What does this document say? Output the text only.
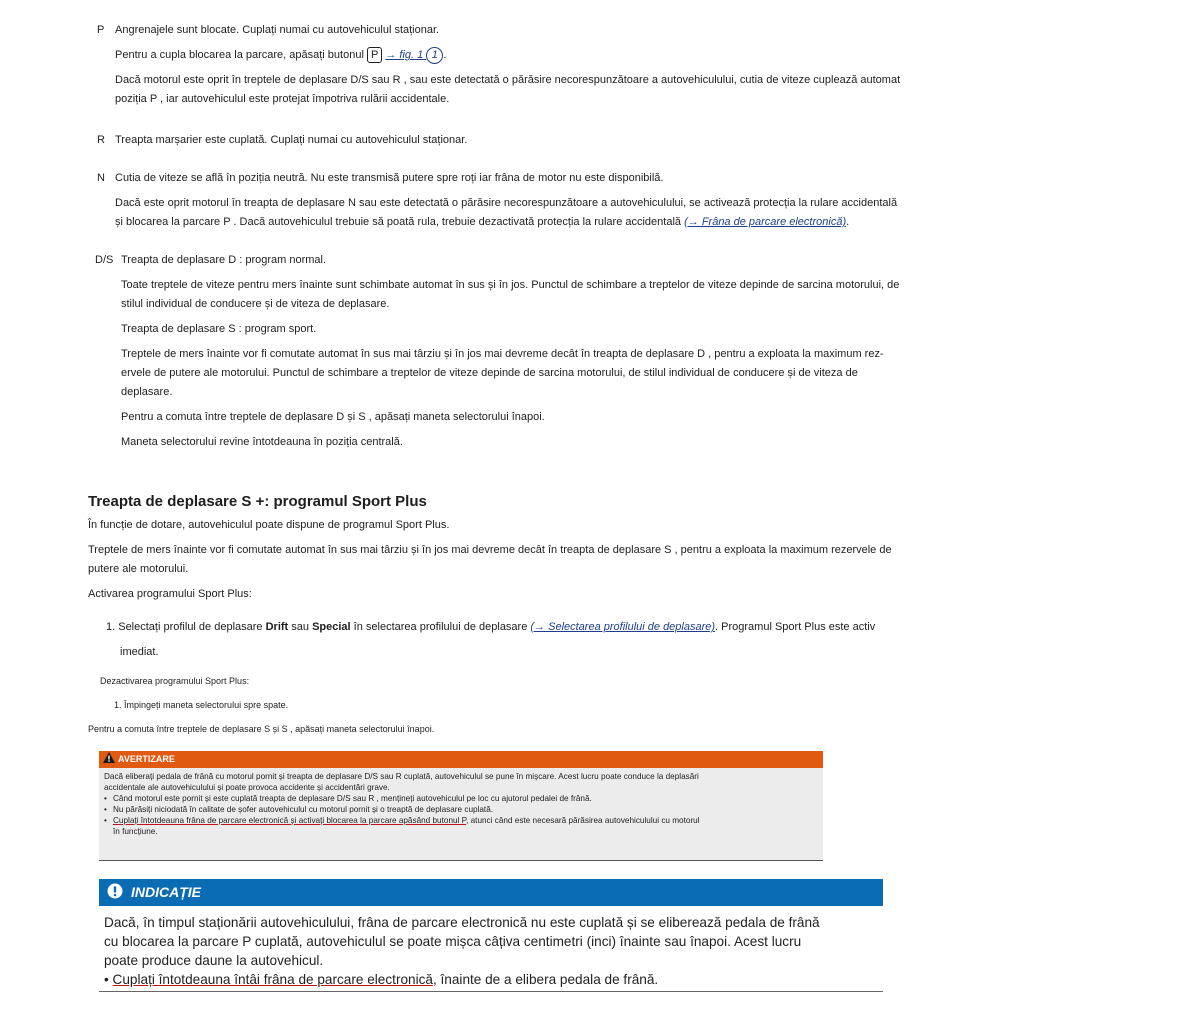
P Angrenajele sunt blocate. Cuplați numai cu autovehiculul staționar.

Pentru a cupla blocarea la parcare, apăsați butonul P → fig. 1 1 .

Dacă motorul este oprit în treptele de deplasare D/S sau R , sau este detectată o părăsire necorespunzătoare a autovehiculului, cutia de viteze cuplează automat

poziția P , iar autovehiculul este protejat împotriva rulării accidentale.

R Treapta marșarier este cuplată. Cuplați numai cu autovehiculul staționar.

N Cutia de viteze se află în poziția neutră. Nu este transmisă putere spre roți iar frâna de motor nu este disponibilă.

Dacă este oprit motorul în treapta de deplasare N sau este detectată o părăsire necorespunzătoare a autovehiculului, se activează protecția la rulare accidentală

și blocarea la parcare P . Dacă autovehiculul trebuie să poată rula, trebuie dezactivată protecția la rulare accidentală (→ Frâna de parcare electronică).

D/S Treapta de deplasare D : program normal.

Toate treptele de viteze pentru mers înainte sunt schimbate automat în sus și în jos. Punctul de schimbare a treptelor de viteze depinde de sarcina motorului, de

stilul individual de conducere și de viteza de deplasare.

Treapta de deplasare S : program sport.

Treptele de mers înainte vor fi comutate automat în sus mai târziu și în jos mai devreme decât în treapta de deplasare D , pentru a exploata la maximum rez-

ervele de putere ale motorului. Punctul de schimbare a treptelor de viteze depinde de sarcina motorului, de stilul individual de conducere și de viteza de

deplasare.

Pentru a comuta între treptele de deplasare D și S , apăsați maneta selectorului înapoi.

Maneta selectorului revine întotdeauna în poziția centrală.

Treapta de deplasare S +: programul Sport Plus

În funcție de dotare, autovehiculul poate dispune de programul Sport Plus.

Treptele de mers înainte vor fi comutate automat în sus mai târziu și în jos mai devreme decât în treapta de deplasare S , pentru a exploata la maximum rezervele de

putere ale motorului.

Activarea programului Sport Plus:

1. Selectați profilul de deplasare Drift sau Special în selectarea profilului de deplasare (→ Selectarea profilului de deplasare). Programul Sport Plus este activ

imediat.

Dezactivarea programului Sport Plus:

1. Împingeți maneta selectorului spre spate.

Pentru a comuta între treptele de deplasare S și S , apăsați maneta selectorului înapoi.

AVERTIZARE
Dacă eliberați pedala de frână cu motorul pornit și treapta de deplasare D/S sau R cuplată, autovehiculul se pune în mișcare. Acest lucru poate conduce la deplasări
accidentale ale autovehiculului și poate provoca accidente și accidentări grave.
• Când motorul este pornit și este cuplată treapta de deplasare D/S sau R , mențineți autovehiculul pe loc cu ajutorul pedalei de frână.
• Nu părăsiți niciodată în calitate de șofer autovehiculul cu motorul pornit și o treaptă de deplasare cuplată.
• Cuplați întotdeauna frâna de parcare electronică și activați blocarea la parcare apăsând butonul P, atunci când este necesară părăsirea autovehiculului cu motorul
în funcțiune.
INDICAȚIE
Dacă, în timpul staționării autovehiculului, frâna de parcare electronică nu este cuplată și se eliberează pedala de frână
cu blocarea la parcare P cuplată, autovehiculul se poate mișca câțiva centimetri (inci) înainte sau înapoi. Acest lucru
poate produce daune la autovehicul.
• Cuplați întotdeauna întâi frâna de parcare electronică, înainte de a elibera pedala de frână.
